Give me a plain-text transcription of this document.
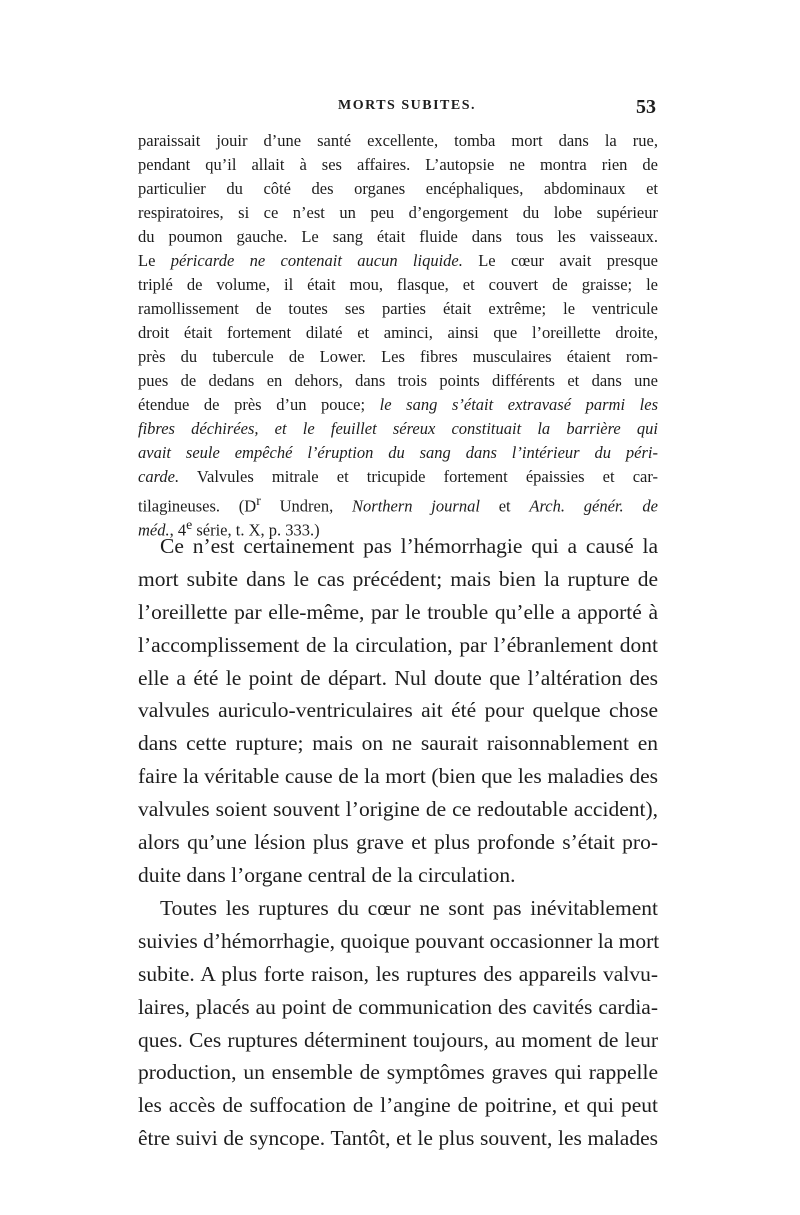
MORTS SUBITES.	53
paraissait jouir d’une santé excellente, tomba mort dans la rue,
pendant qu’il allait à ses affaires. L’autopsie ne montra rien de
particulier du côté des organes encéphaliques, abdominaux et
respiratoires, si ce n’est un peu d’engorgement du lobe supérieur
du poumon gauche. Le sang était fluide dans tous les vaisseaux.
Le péricarde ne contenait aucun liquide. Le cœur avait presque
triplé de volume, il était mou, flasque, et couvert de graisse; le
ramollissement de toutes ses parties était extrême; le ventricule
droit était fortement dilaté et aminci, ainsi que l’oreillette droite,
près du tubercule de Lower. Les fibres musculaires étaient rom-
pues de dedans en dehors, dans trois points différents et dans une
étendue de près d’un pouce; le sang s’était extravasé parmi les
fibres déchirées, et le feuillet séreux constituait la barrière qui
avait seule empêché l’éruption du sang dans l’intérieur du péri-
carde. Valvules mitrale et tricupide fortement épaissies et car-
tilagineuses. ($D^r$ Undren, Northern journal et Arch. génér. de
méd., 4e série, t. X, p. 333.)
Ce n’est certainement pas l’hémorrhagie qui a causé la
mort subite dans le cas précédent; mais bien la rupture de
l’oreillette par elle-même, par le trouble qu’elle a apporté à
l’accomplissement de la circulation, par l’ébranlement dont
elle a été le point de départ. Nul doute que l’altération des
valvules auriculo-ventriculaires ait été pour quelque chose
dans cette rupture; mais on ne saurait raisonnablement en
faire la véritable cause de la mort (bien que les maladies des
valvules soient souvent l’origine de ce redoutable accident),
alors qu’une lésion plus grave et plus profonde s’était pro-
duite dans l’organe central de la circulation.
Toutes les ruptures du cœur ne sont pas inévitablement
suivies d’hémorrhagie, quoique pouvant occasionner la mort
subite. A plus forte raison, les ruptures des appareils valvu-
laires, placés au point de communication des cavités cardia-
ques. Ces ruptures déterminent toujours, au moment de leur
production, un ensemble de symptômes graves qui rappelle
les accès de suffocation de l’angine de poitrine, et qui peut
être suivi de syncope. Tantôt, et le plus souvent, les malades
